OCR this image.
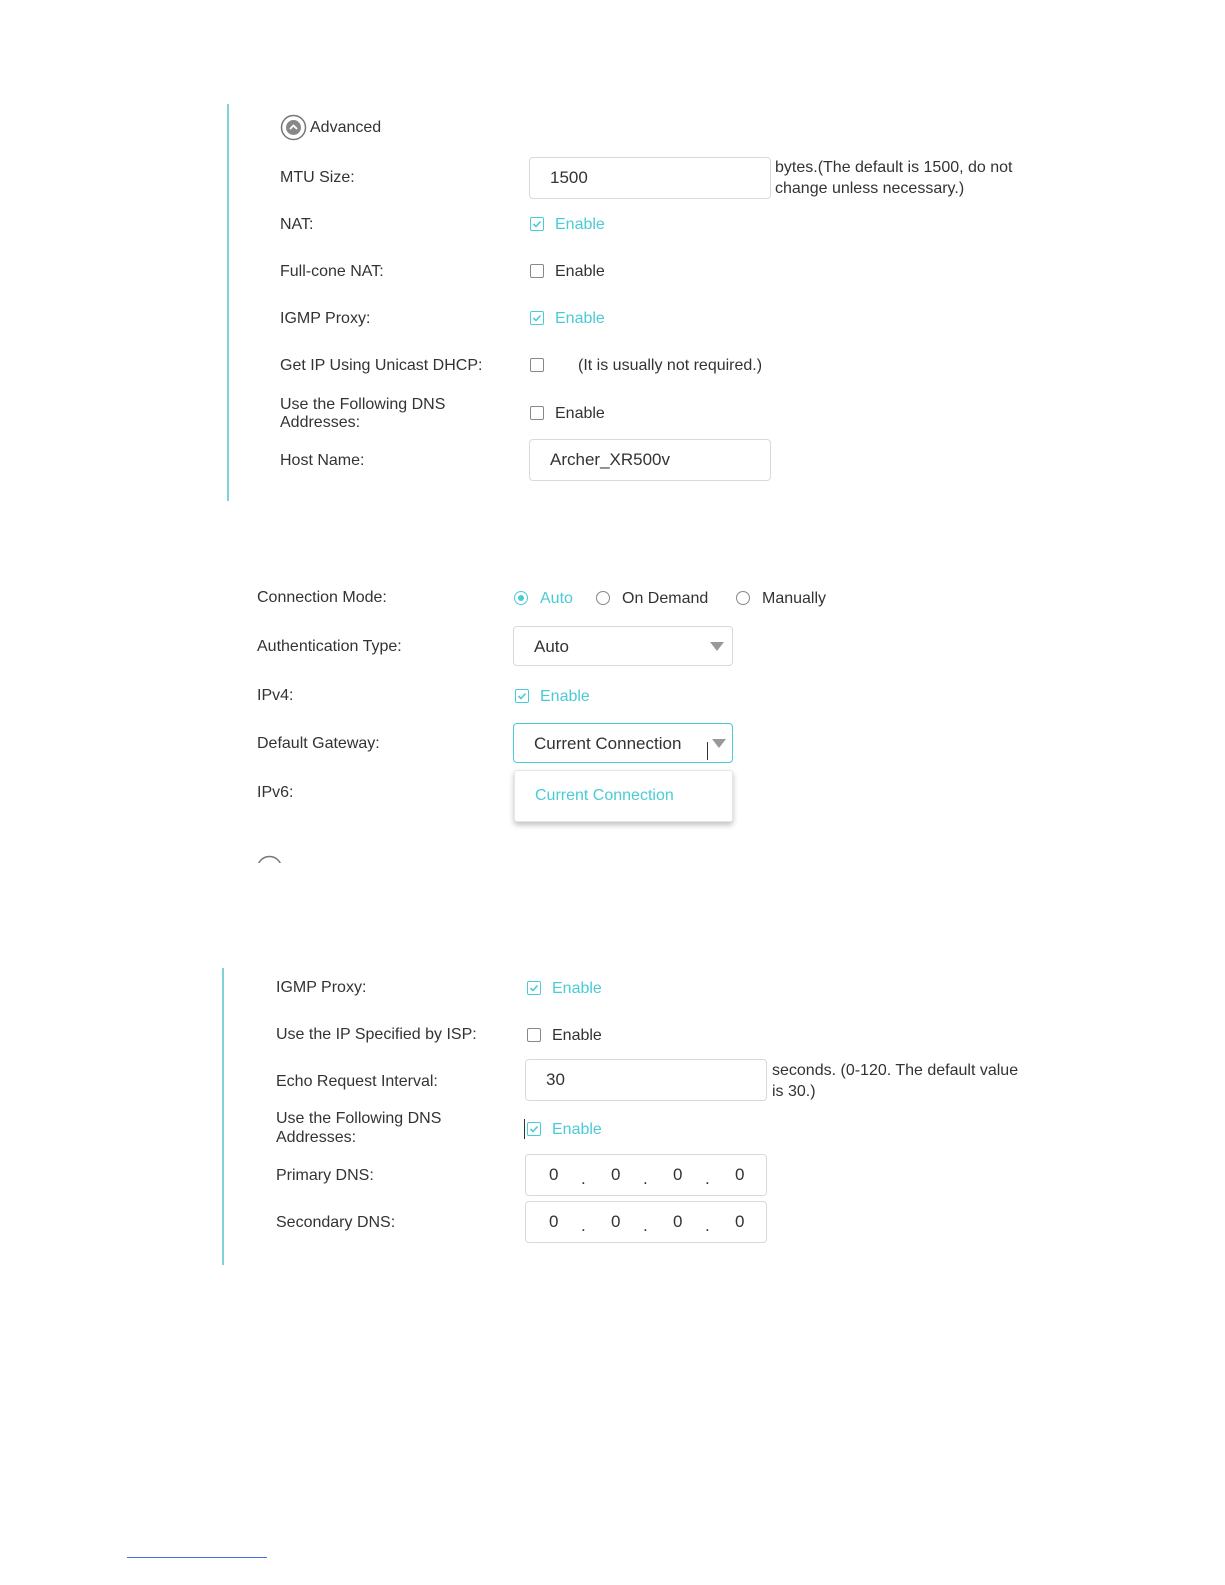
Advanced
MTU Size:	1500
bytes.(The default is 1500, do not
change unless necessary.)
NAT:	Enable
Full-cone NAT:	Enable
IGMP Proxy:	Enable
Get IP Using Unicast DHCP:	(It is usually not required.)
Use the Following DNS
Addresses:
Enable
Host Name:	Archer_XR500v
Connection Mode:	Auto	On Demand	Manually
Authentication Type:	Auto
IPv4:	Enable
Default Gateway:	Current Connection
Current Connection
IPv6:
IGMP Proxy:	Enable
Use the IP Specified by ISP:	Enable
Echo Request Interval:	30	seconds. (0-120. The default value
is 30.)
Use the Following DNS
Addresses:	Enable
Primary DNS:	0 . 0 . 0 . 0
Secondary DNS:	0 . 0 . 0 . 0
